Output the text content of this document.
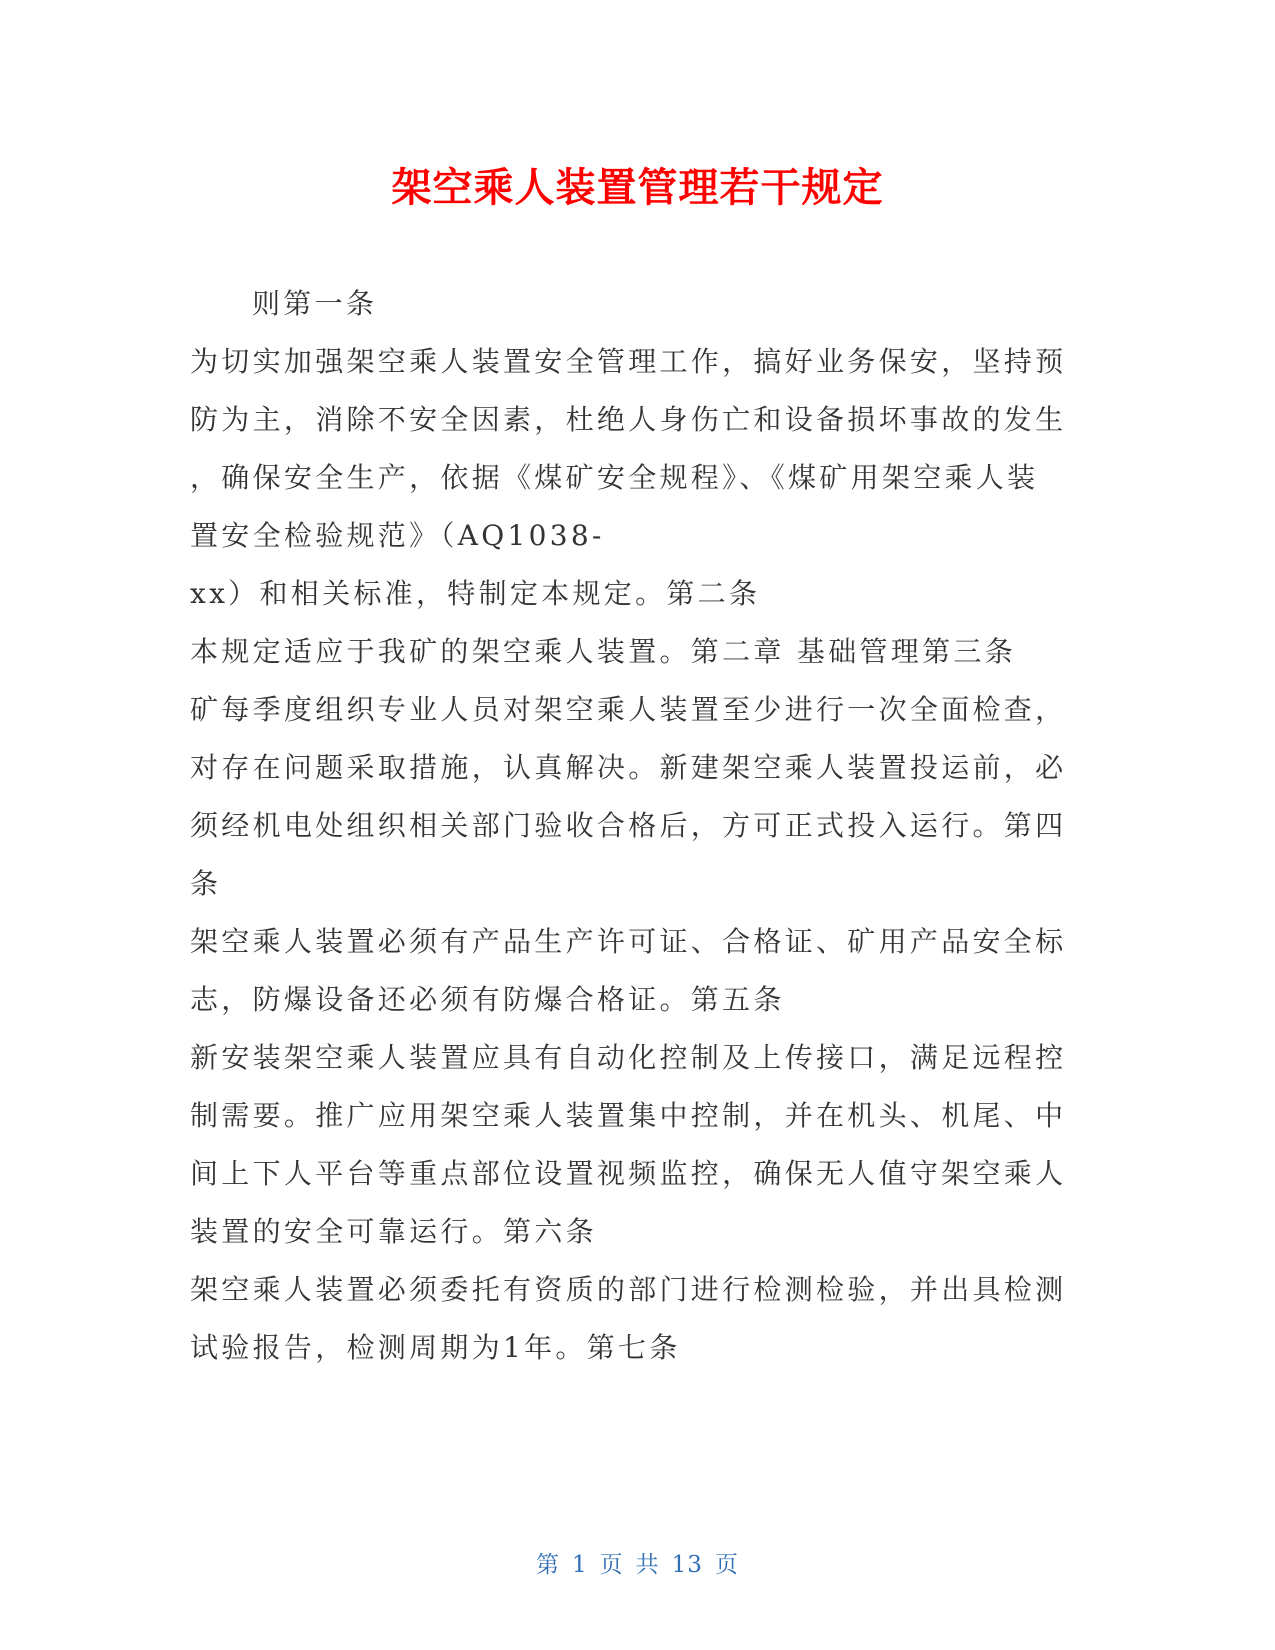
架空乘人装置管理若干规定
则第一条
为切实加强架空乘人装置安全管理工作，搞好业务保安，坚持预
防为主，消除不安全因素，杜绝人身伤亡和设备损坏事故的发生
，确保安全生产，依据《煤矿安全规程》、《煤矿用架空乘人装
置安全检验规范》（AQ1038-
xx）和相关标准，特制定本规定。第二条
本规定适应于我矿的架空乘人装置。第二章 基础管理第三条
矿每季度组织专业人员对架空乘人装置至少进行一次全面检查，
对存在问题采取措施，认真解决。新建架空乘人装置投运前，必
须经机电处组织相关部门验收合格后，方可正式投入运行。第四
条
架空乘人装置必须有产品生产许可证、合格证、矿用产品安全标
志，防爆设备还必须有防爆合格证。第五条
新安装架空乘人装置应具有自动化控制及上传接口，满足远程控
制需要。推广应用架空乘人装置集中控制，并在机头、机尾、中
间上下人平台等重点部位设置视频监控，确保无人值守架空乘人
装置的安全可靠运行。第六条
架空乘人装置必须委托有资质的部门进行检测检验，并出具检测
试验报告，检测周期为1年。第七条
第 1 页 共 13 页
